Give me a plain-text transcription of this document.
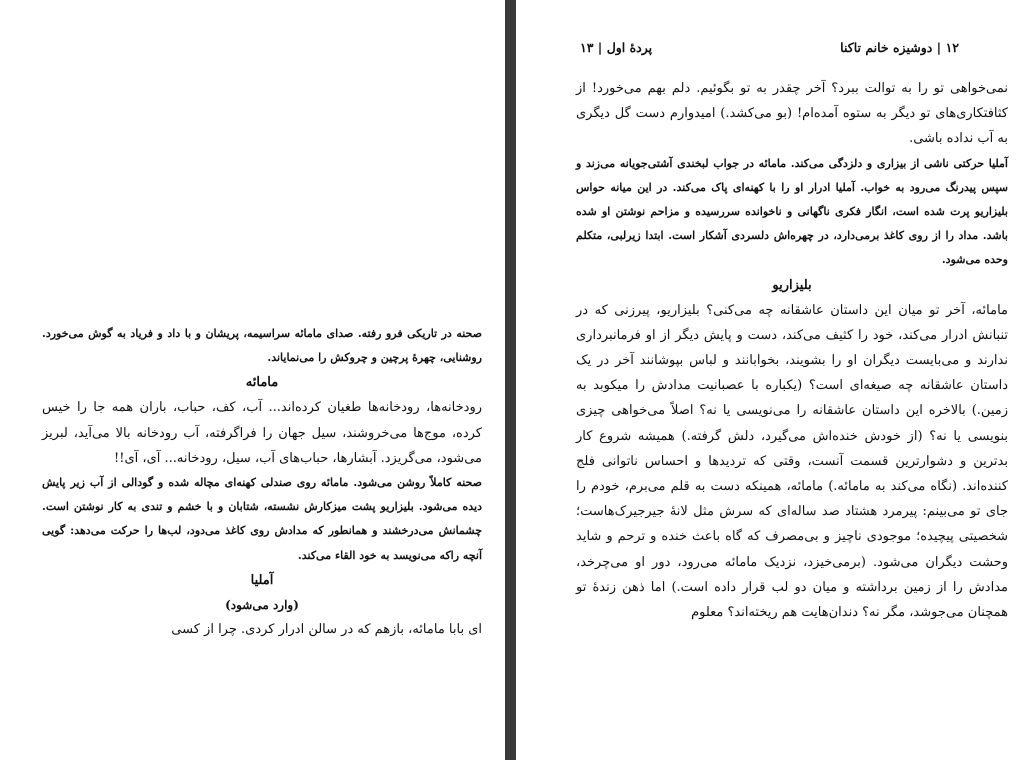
۱۲ | دوشیزه خانم تاکنا
پردهٔ اول | ۱۳

صحنه در تاریکی فرو رفته. صدای مامائه سراسیمه، پریشان و با داد و فریاد به گوش می‌خورد. روشنایی، چهرهٔ پرچین و چروکش را می‌نمایاند.

مامائه

رودخانه‌ها، رودخانه‌ها طغیان کرده‌اند... آب، کف، حباب، باران همه جا را خیس کرده، موج‌ها می‌خروشند، سیل جهان را فراگرفته، آب رودخانه بالا می‌آید، لبریز می‌شود، می‌گریزد. آبشارها، حباب‌های آب، سیل، رودخانه... آی، آی!!

صحنه کاملاً روشن می‌شود. مامائه روی صندلی کهنه‌ای مچاله شده و گودالی از آب زیر پایش دیده می‌شود. بلیزاریو پشت میزکارش نشسته، شتابان و با خشم و تندی به کار نوشتن است. چشمانش می‌درخشند و همانطور که مدادش روی کاغذ می‌دود، لب‌ها را حرکت می‌دهد: گویی آنچه راکه می‌نویسد به خود القاء می‌کند.

آملیا

(وارد می‌شود)

ای بابا مامائه، بازهم که در سالن ادرار کردی. چرا از کسی

نمی‌خواهی تو را به توالت ببرد؟ آخر چقدر به تو بگوئیم. دلم بهم می‌خورد! از کثافتکاری‌های تو دیگر به ستوه آمده‌ام! (بو می‌کشد.) امیدوارم دست گل دیگری به آب نداده باشی.

آملیا حرکتی ناشی از بیزاری و دلزدگی می‌کند. مامائه در جواب لبخندی آشتی‌جویانه می‌زند و سپس پیدرنگ می‌رود به خواب. آملیا ادرار او را با کهنه‌ای پاک می‌کند. در این میانه حواس بلیزاریو پرت شده است، انگار فکری ناگهانی و ناخوانده سررسیده و مزاحم نوشتن او شده باشد. مداد را از روی کاغذ برمی‌دارد، در چهره‌اش دلسردی آشکار است. ابتدا زیرلبی، متکلم وحده می‌شود.

بلیزاریو

مامائه، آخر تو میان این داستان عاشقانه چه می‌کنی؟ بلیزاریو، پیرزنی که در تنبانش ادرار می‌کند، خود را کثیف می‌کند، دست و پایش دیگر از او فرمانبرداری ندارند و می‌بایست دیگران او را بشویند، بخوابانند و لباس بپوشانند آخر در یک داستان عاشقانه چه صیغه‌ای است؟ (یکباره با عصبانیت مدادش را میکوبد به زمین.) بالاخره این داستان عاشقانه را می‌نویسی یا نه؟ اصلاً می‌خواهی چیزی بنویسی یا نه؟ (از خودش خنده‌اش می‌گیرد، دلش گرفته.) همیشه شروع کار بدترین و دشوارترین قسمت آنست، وقتی که تردیدها و احساس ناتوانی فلج کننده‌اند. (نگاه می‌کند به مامائه.) مامائه، همینکه دست به قلم می‌برم، خودم را جای تو می‌بینم: پیرمرد هشتاد صد ساله‌ای که سرش مثل لانهٔ جیرجیرک‌هاست؛ شخصیتی پیچیده؛ موجودی ناچیز و بی‌مصرف که گاه باعث خنده و ترحم و شاید وحشت دیگران می‌شود. (برمی‌خیزد، نزدیک مامائه می‌رود، دور او می‌چرخد، مدادش را از زمین برداشته و میان دو لب قرار داده است.) اما ذهن زندهٔ تو همچنان می‌جوشد، مگر نه؟ دندان‌هایت هم ریخته‌اند؟ معلوم
